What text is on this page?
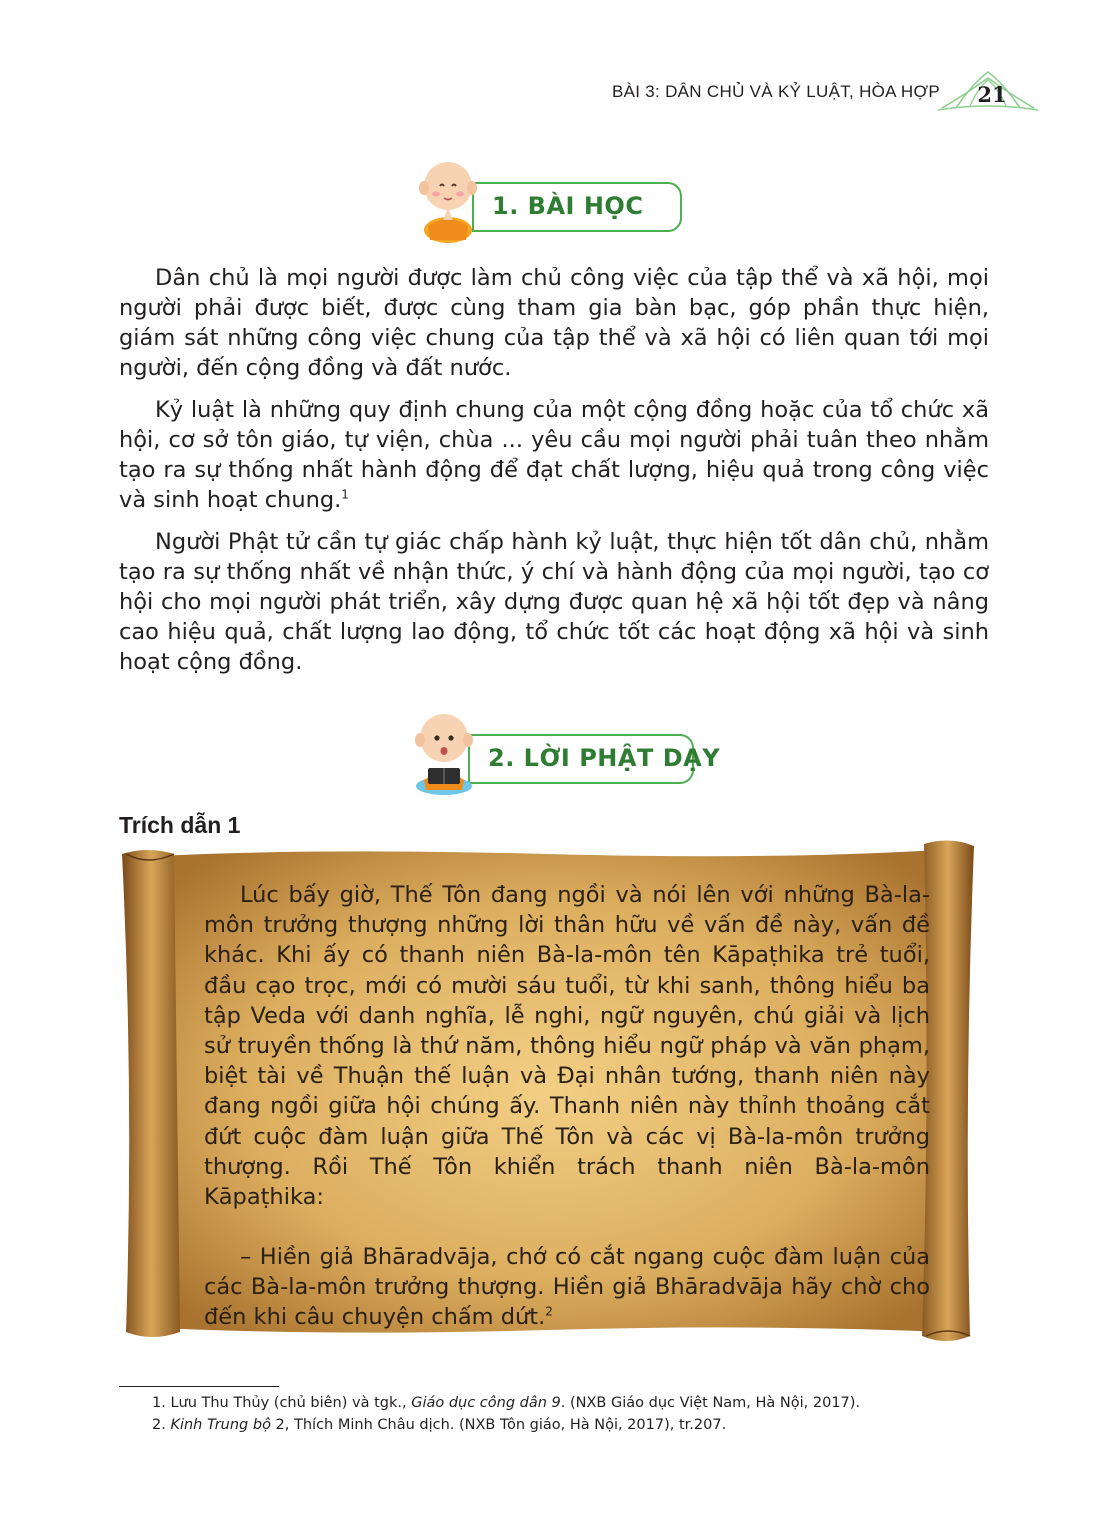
BÀI 3: DÂN CHỦ VÀ KỶ LUẬT, HÒA HỢP 21
1. BÀI HỌC

Dân chủ là mọi người được làm chủ công việc của tập thể và xã hội, mọi người phải được biết, được cùng tham gia bàn bạc, góp phần thực hiện, giám sát những công việc chung của tập thể và xã hội có liên quan tới mọi người, đến cộng đồng và đất nước.

Kỷ luật là những quy định chung của một cộng đồng hoặc của tổ chức xã hội, cơ sở tôn giáo, tự viện, chùa ... yêu cầu mọi người phải tuân theo nhằm tạo ra sự thống nhất hành động để đạt chất lượng, hiệu quả trong công việc và sinh hoạt chung.$^1$

Người Phật tử cần tự giác chấp hành kỷ luật, thực hiện tốt dân chủ, nhằm tạo ra sự thống nhất về nhận thức, ý chí và hành động của mọi người, tạo cơ hội cho mọi người phát triển, xây dựng được quan hệ xã hội tốt đẹp và nâng cao hiệu quả, chất lượng lao động, tổ chức tốt các hoạt động xã hội và sinh hoạt cộng đồng.

2. LỜI PHẬT DẠY
Trích dẫn 1

Lúc bấy giờ, Thế Tôn đang ngồi và nói lên với những Bà-la-môn trưởng thượng những lời thân hữu về vấn đề này, vấn đề khác. Khi ấy có thanh niên Bà-la-môn tên Kāpaṭhika trẻ tuổi, đầu cạo trọc, mới có mười sáu tuổi, từ khi sanh, thông hiểu ba tập Veda với danh nghĩa, lễ nghi, ngữ nguyên, chú giải và lịch sử truyền thống là thứ năm, thông hiểu ngữ pháp và văn phạm, biệt tài về Thuận thế luận và Đại nhân tướng, thanh niên này đang ngồi giữa hội chúng ấy. Thanh niên này thỉnh thoảng cắt đứt cuộc đàm luận giữa Thế Tôn và các vị Bà-la-môn trưởng thượng. Rồi Thế Tôn khiển trách thanh niên Bà-la-môn Kāpaṭhika:

– Hiền giả Bhāradvāja, chớ có cắt ngang cuộc đàm luận của các Bà-la-môn trưởng thượng. Hiền giả Bhāradvāja hãy chờ cho đến khi câu chuyện chấm dứt.$^2$

1. Lưu Thu Thủy (chủ biên) và tgk., Giáo dục công dân 9. (NXB Giáo dục Việt Nam, Hà Nội, 2017).
2. Kinh Trung bộ 2, Thích Minh Châu dịch. (NXB Tôn giáo, Hà Nội, 2017), tr.207.
